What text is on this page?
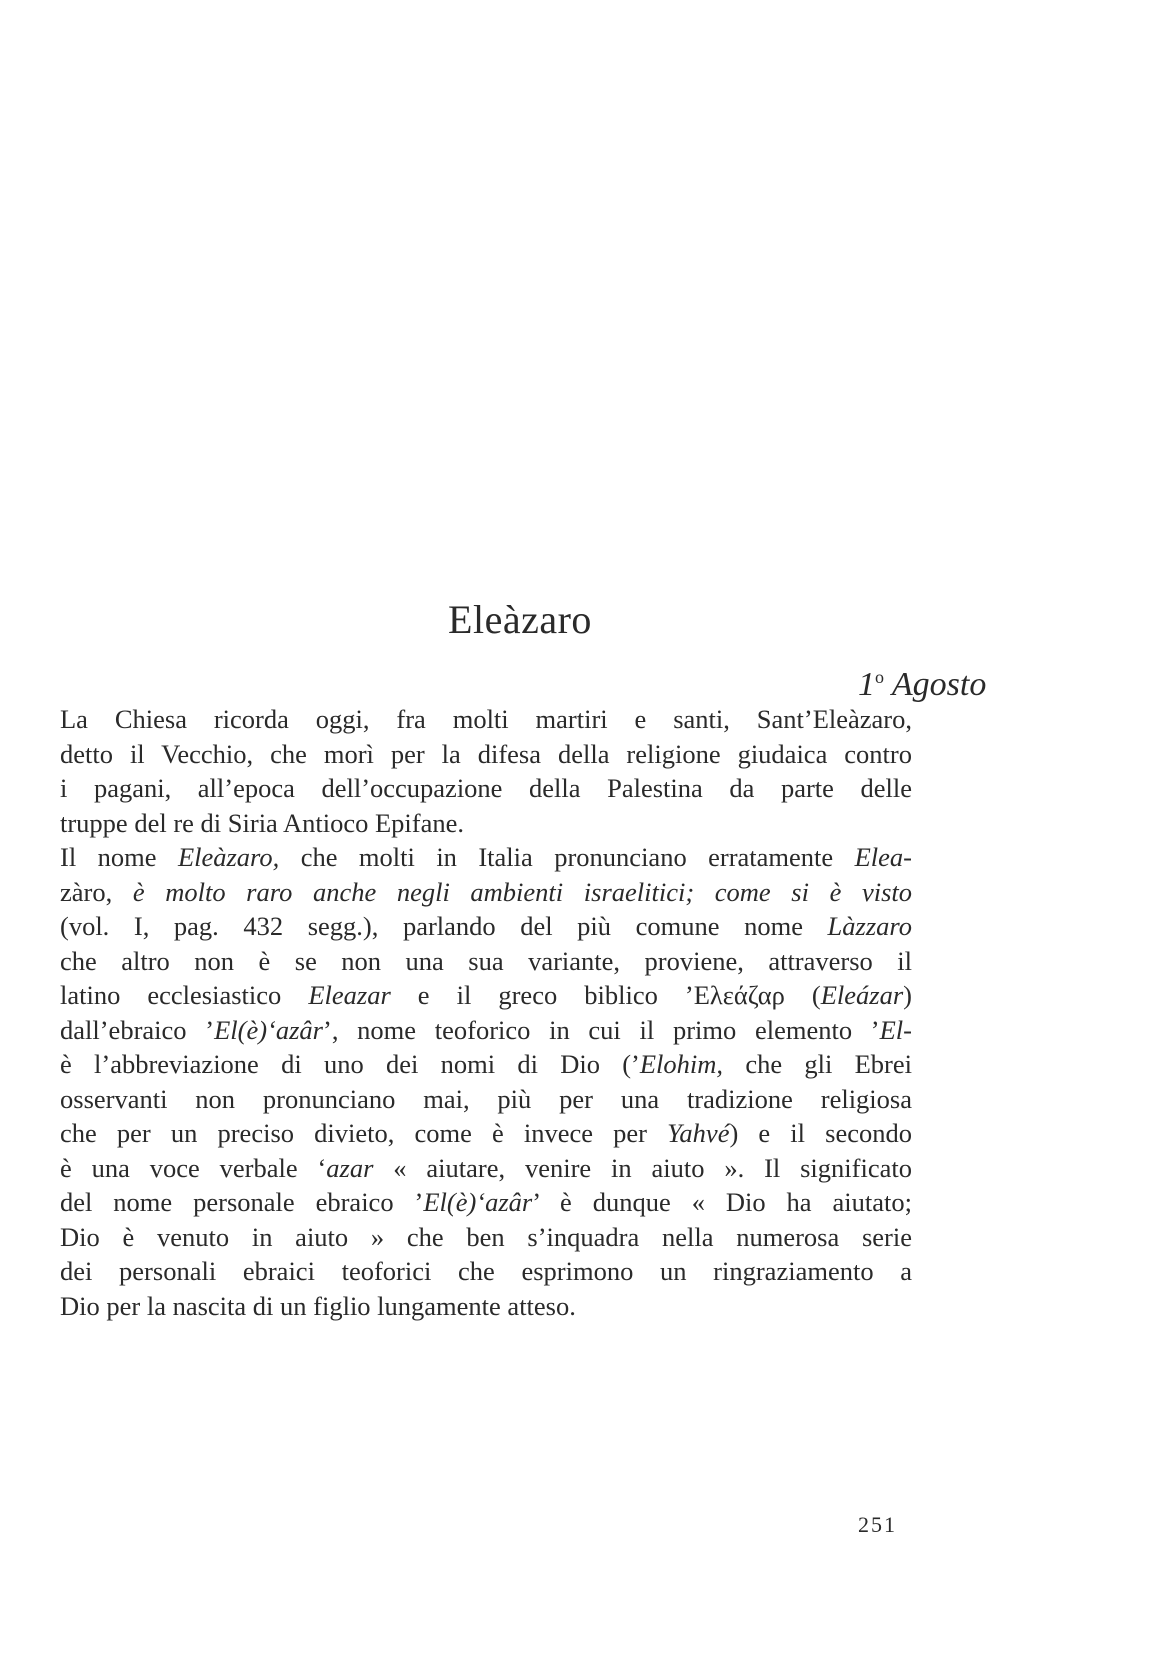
Eleàzaro
1$^o$ Agosto
La Chiesa ricorda oggi, fra molti martiri e santi, Sant’Eleàzaro,
detto il Vecchio, che morì per la difesa della religione giudaica contro
i pagani, all’epoca dell’occupazione della Palestina da parte delle
truppe del re di Siria Antioco Epifane.
Il nome Eleàzaro, che molti in Italia pronunciano erratamente Elea-
zàro, è molto raro anche negli ambienti israelitici; come si è visto
(vol. I, pag. 432 segg.), parlando del più comune nome Làzzaro
che altro non è se non una sua variante, proviene, attraverso il
latino ecclesiastico Eleazar e il greco biblico ’Ελεάζαρ (Eleázar)
dall’ebraico ’El(è)‘azâr’, nome teoforico in cui il primo elemento ’El-
è l’abbreviazione di uno dei nomi di Dio (’Elohim, che gli Ebrei
osservanti non pronunciano mai, più per una tradizione religiosa
che per un preciso divieto, come è invece per Yahvé) e il secondo
è una voce verbale ‘azar « aiutare, venire in aiuto ». Il significato
del nome personale ebraico ’El(è)‘azâr’ è dunque « Dio ha aiutato;
Dio è venuto in aiuto » che ben s’inquadra nella numerosa serie
dei personali ebraici teoforici che esprimono un ringraziamento a
Dio per la nascita di un figlio lungamente atteso.
251
